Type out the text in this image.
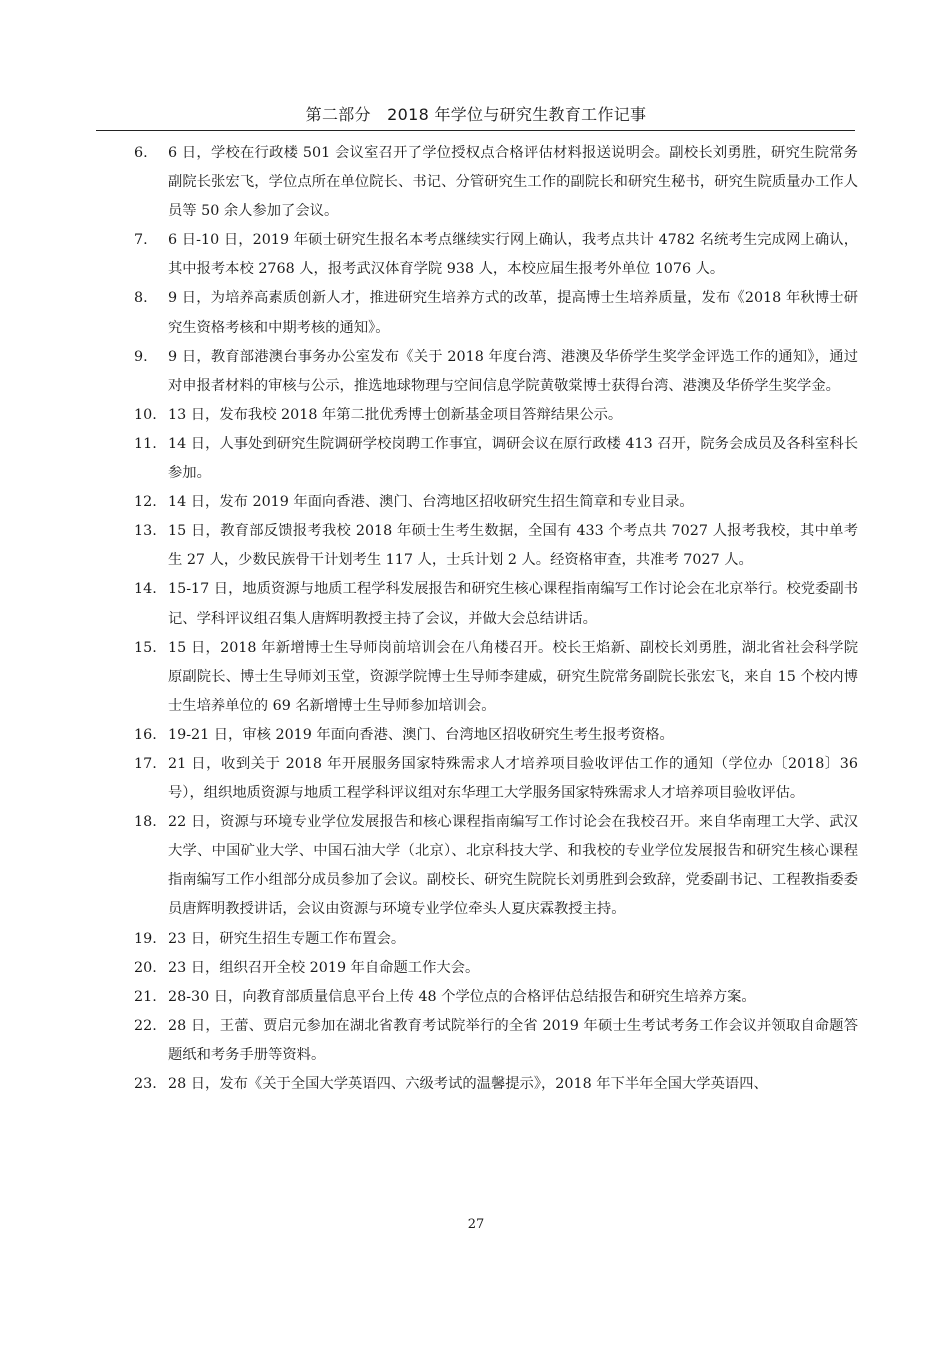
第二部分　2018 年学位与研究生教育工作记事
6. 6 日，学校在行政楼 501 会议室召开了学位授权点合格评估材料报送说明会。副校长刘勇胜，研究生院常务副院长张宏飞，学位点所在单位院长、书记、分管研究生工作的副院长和研究生秘书，研究生院质量办工作人员等 50 余人参加了会议。
7. 6 日-10 日，2019 年硕士研究生报名本考点继续实行网上确认，我考点共计 4782 名统考生完成网上确认，其中报考本校 2768 人，报考武汉体育学院 938 人，本校应届生报考外单位 1076 人。
8. 9 日，为培养高素质创新人才，推进研究生培养方式的改革，提高博士生培养质量，发布《2018 年秋博士研究生资格考核和中期考核的通知》。
9. 9 日，教育部港澳台事务办公室发布《关于 2018 年度台湾、港澳及华侨学生奖学金评选工作的通知》，通过对申报者材料的审核与公示，推选地球物理与空间信息学院黄敬棠博士获得台湾、港澳及华侨学生奖学金。
10. 13 日，发布我校 2018 年第二批优秀博士创新基金项目答辩结果公示。
11. 14 日，人事处到研究生院调研学校岗聘工作事宜，调研会议在原行政楼 413 召开，院务会成员及各科室科长参加。
12. 14 日，发布 2019 年面向香港、澳门、台湾地区招收研究生招生简章和专业目录。
13. 15 日，教育部反馈报考我校 2018 年硕士生考生数据，全国有 433 个考点共 7027 人报考我校，其中单考生 27 人，少数民族骨干计划考生 117 人，士兵计划 2 人。经资格审查，共准考 7027 人。
14. 15-17 日，地质资源与地质工程学科发展报告和研究生核心课程指南编写工作讨论会在北京举行。校党委副书记、学科评议组召集人唐辉明教授主持了会议，并做大会总结讲话。
15. 15 日，2018 年新增博士生导师岗前培训会在八角楼召开。校长王焰新、副校长刘勇胜，湖北省社会科学院原副院长、博士生导师刘玉堂，资源学院博士生导师李建威，研究生院常务副院长张宏飞，来自 15 个校内博士生培养单位的 69 名新增博士生导师参加培训会。
16. 19-21 日，审核 2019 年面向香港、澳门、台湾地区招收研究生考生报考资格。
17. 21 日，收到关于 2018 年开展服务国家特殊需求人才培养项目验收评估工作的通知（学位办〔2018〕36 号），组织地质资源与地质工程学科评议组对东华理工大学服务国家特殊需求人才培养项目验收评估。
18. 22 日，资源与环境专业学位发展报告和核心课程指南编写工作讨论会在我校召开。来自华南理工大学、武汉大学、中国矿业大学、中国石油大学（北京）、北京科技大学、和我校的专业学位发展报告和研究生核心课程指南编写工作小组部分成员参加了会议。副校长、研究生院院长刘勇胜到会致辞，党委副书记、工程教指委委员唐辉明教授讲话，会议由资源与环境专业学位牵头人夏庆霖教授主持。
19. 23 日，研究生招生专题工作布置会。
20. 23 日，组织召开全校 2019 年自命题工作大会。
21. 28-30 日，向教育部质量信息平台上传 48 个学位点的合格评估总结报告和研究生培养方案。
22. 28 日，王蕾、贾启元参加在湖北省教育考试院举行的全省 2019 年硕士生考试考务工作会议并领取自命题答题纸和考务手册等资料。
23. 28 日，发布《关于全国大学英语四、六级考试的温馨提示》，2018 年下半年全国大学英语四、
27
